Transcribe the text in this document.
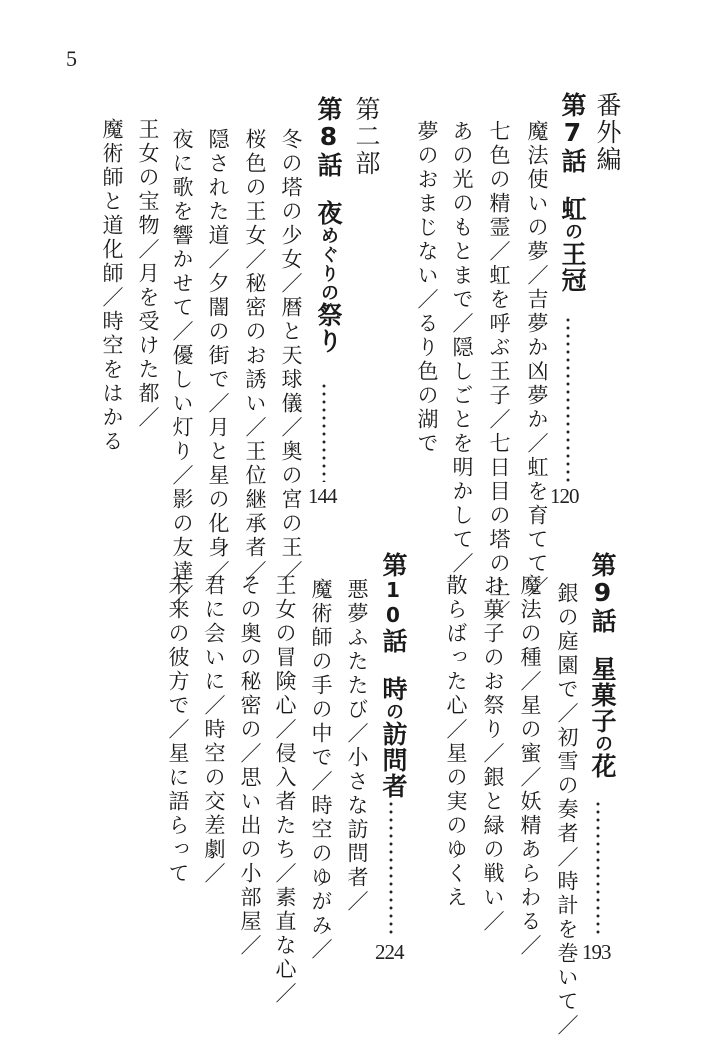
5
番外編
第7話虹の王冠
120
魔法使いの夢／吉夢か凶夢か／虹を育てて／
七色の精霊／虹を呼ぶ王子／七日目の塔の上／
あの光のもとまで／隠しごとを明かして／
夢のおまじない／るり色の湖で
第二部
第8話夜めぐりの祭り
144
冬の塔の少女／暦と天球儀／奥の宮の王／
桜色の王女／秘密のお誘い／王位継承者／
隠された道／夕闇の街で／月と星の化身／
夜に歌を響かせて／優しい灯り／影の友達／
王女の宝物／月を受けた都／
魔術師と道化師／時空をはかる
第9話星菓子の花
193
銀の庭園で／初雪の奏者／時計を巻いて／
魔法の種／星の蜜／妖精あらわる／
お菓子のお祭り／銀と緑の戦い／
散らばった心／星の実のゆくえ
第10話時の訪問者
224
悪夢ふたたび／小さな訪問者／
魔術師の手の中で／時空のゆがみ／
王女の冒険心／侵入者たち／素直な心／
その奥の秘密の／思い出の小部屋／
君に会いに／時空の交差劇／
未来の彼方で／星に語らって
